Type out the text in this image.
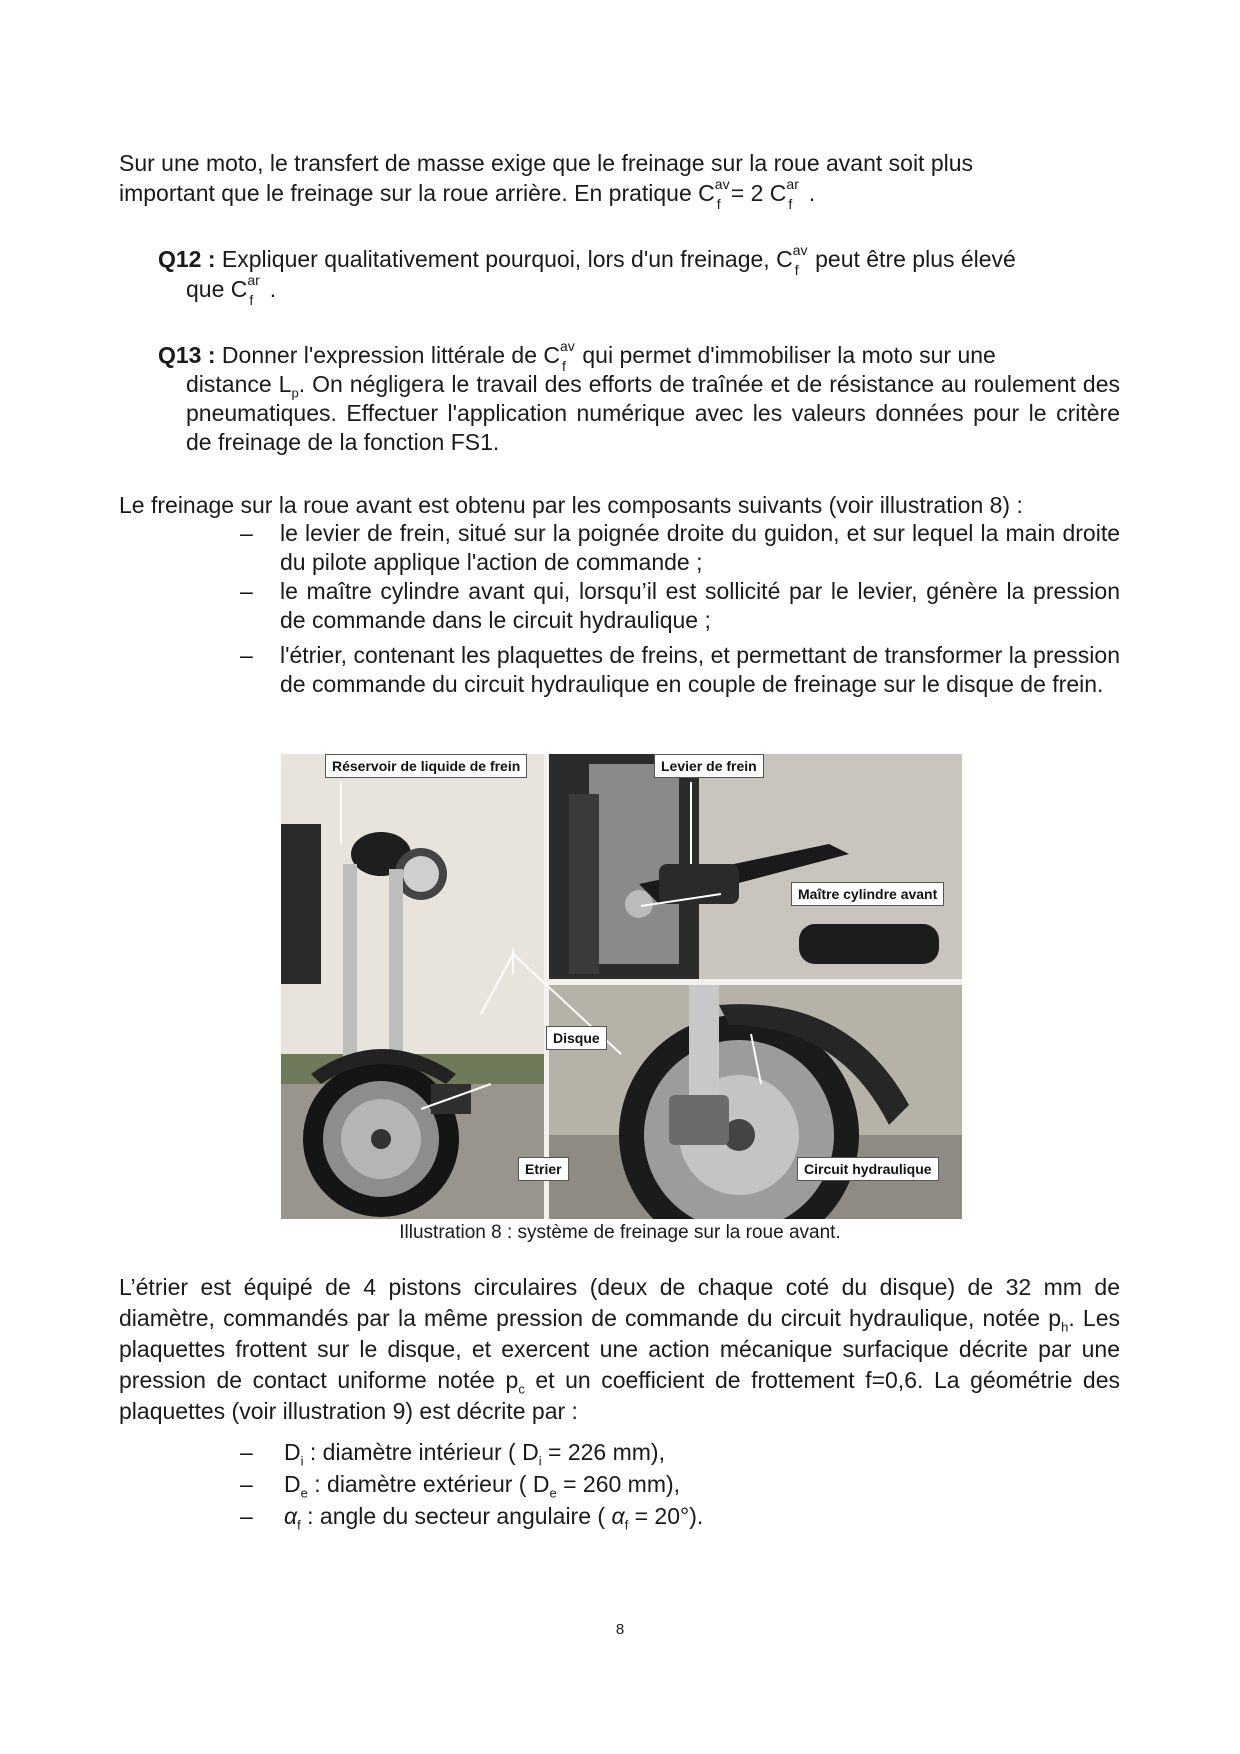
Sur une moto, le transfert de masse exige que le freinage sur la roue avant soit plus
important que le freinage sur la roue arrière. En pratique C av
f = 2 C ar
f .
Q12 : Expliquer qualitativement pourquoi, lors d'un freinage, C av
f peut être plus élevé
que C ar
f .
Q13 : Donner l'expression littérale de C av
f qui permet d'immobiliser la moto sur une
distance $L_p$. On négligera le travail des efforts de traînée et de résistance au roulement des pneumatiques. Effectuer l'application numérique avec les valeurs données pour le critère de freinage de la fonction FS1.
Le freinage sur la roue avant est obtenu par les composants suivants (voir illustration 8) :
– le levier de frein, situé sur la poignée droite du guidon, et sur lequel la main droite du pilote applique l'action de commande ;
– le maître cylindre avant qui, lorsqu’il est sollicité par le levier, génère la pression de commande dans le circuit hydraulique ;
– l'étrier, contenant les plaquettes de freins, et permettant de transformer la pression de commande du circuit hydraulique en couple de freinage sur le disque de frein.
Réservoir de liquide de frein	Levier de frein
Maître cylindre avant
Disque
Etrier	Circuit hydraulique
Illustration 8 : système de freinage sur la roue avant.
L’étrier est équipé de 4 pistons circulaires (deux de chaque coté du disque) de 32 mm de diamètre, commandés par la même pression de commande du circuit hydraulique, notée $p_h$. Les plaquettes frottent sur le disque, et exercent une action mécanique surfacique décrite par une pression de contact uniforme notée $p_c$ et un coefficient de frottement f=0,6. La géométrie des plaquettes (voir illustration 9) est décrite par :
– $D_i$ : diamètre intérieur ( $D_i = 226$ mm),
– $D_e$ : diamètre extérieur ( $D_e = 260$ mm),
– $\alpha_f$ : angle du secteur angulaire ( $\alpha_f = 20^\circ$).
8
